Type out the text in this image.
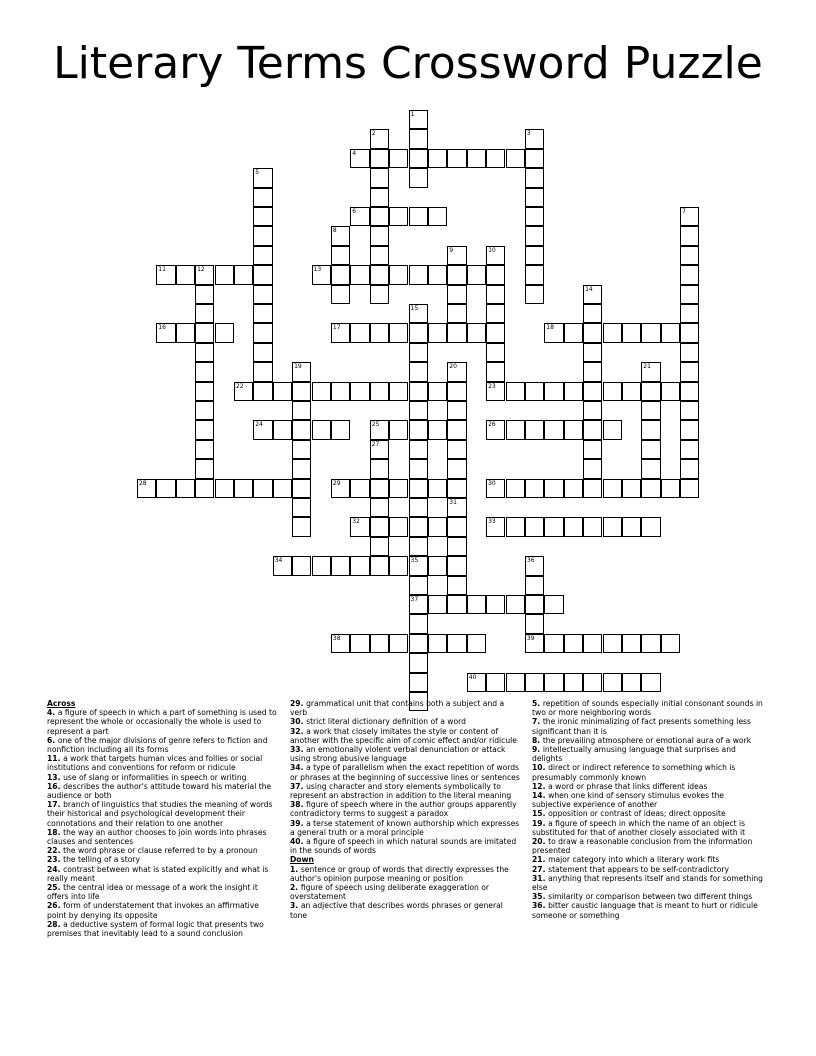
Literary Terms Crossword Puzzle
1
2	3
4
5
6	7
8
9	10
11	12	13
14
15
35
37
16	17	18
19	20	21
22	23
24	25	26
27
28	29	30
31
32	33
34	36
39
38
40
Across
4. a figure of speech in which a part of something is used to represent the whole or occasionally the whole is used to represent a part
6. one of the major divisions of genre refers to fiction and nonfiction including all its forms
11. a work that targets human vices and follies or social institutions and conventions for reform or ridicule
13. use of slang or informalities in speech or writing
16. describes the author's attitude toward his material the audience or both
17. branch of linguistics that studies the meaning of words their historical and psychological development their connotations and their relation to one another
18. the way an author chooses to join words into phrases clauses and sentences
22. the word phrase or clause referred to by a pronoun
23. the telling of a story
24. contrast between what is stated explicitly and what is really meant
25. the central idea or message of a work the insight it offers into life
26. form of understatement that invokes an affirmative point by denying its opposite
28. a deductive system of formal logic that presents two premises that inevitably lead to a sound conclusion
29. grammatical unit that contains both a subject and a verb
30. strict literal dictionary definition of a word
32. a work that closely imitates the style or content of another with the specific aim of comic effect and/or ridicule
33. an emotionally violent verbal denunciation or attack using strong abusive language
34. a type of parallelism when the exact repetition of words or phrases at the beginning of successive lines or sentences
37. using character and story elements symbolically to represent an abstraction in addition to the literal meaning
38. figure of speech where in the author groups apparently contradictory terms to suggest a paradox
39. a terse statement of known authorship which expresses a general truth or a moral principle
40. a figure of speech in which natural sounds are imitated in the sounds of words
Down
1. sentence or group of words that directly expresses the author's opinion purpose meaning or position
2. figure of speech using deliberate exaggeration or overstatement
3. an adjective that describes words phrases or general tone
5. repetition of sounds especially initial consonant sounds in two or more neighboring words
7. the ironic minimalizing of fact presents something less significant than it is
8. the prevailing atmosphere or emotional aura of a work
9. intellectually amusing language that surprises and delights
10. direct or indirect reference to something which is presumably commonly known
12. a word or phrase that links different ideas
14. when one kind of sensory stimulus evokes the subjective experience of another
15. opposition or contrast of ideas; direct opposite
19. a figure of speech in which the name of an object is substituted for that of another closely associated with it
20. to draw a reasonable conclusion from the information presented
21. major category into which a literary work fits
27. statement that appears to be self-contradictory
31. anything that represents itself and stands for something else
35. similarity or comparison between two different things
36. bitter caustic language that is meant to hurt or ridicule someone or something
